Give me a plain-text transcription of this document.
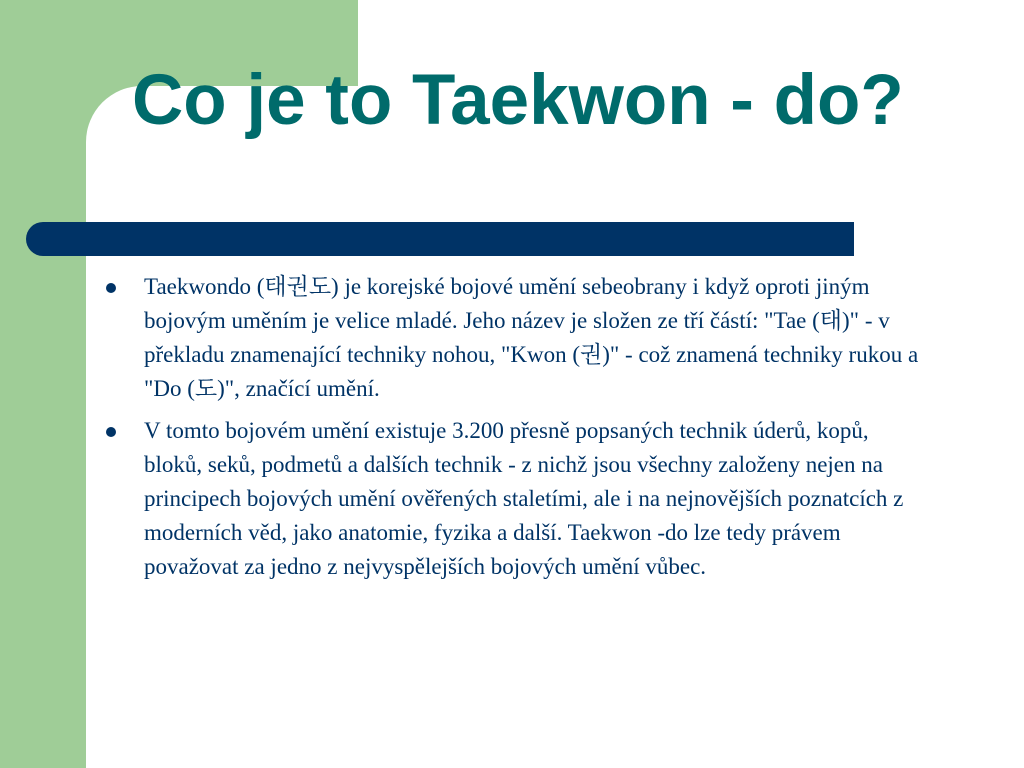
Co je to Taekwon - do?
Taekwondo (태권도) je korejské bojové umění sebeobrany i když oproti jiným bojovým uměním je velice mladé. Jeho název je složen ze tří částí: "Tae (태)" - v překladu znamenající techniky nohou, "Kwon (권)" - což znamená techniky rukou a "Do (도)", značící umění.
V tomto bojovém umění existuje 3.200 přesně popsaných technik úderů, kopů, bloků, seků, podmetů a dalších technik - z nichž jsou všechny založeny nejen na principech bojových umění ověřených staletími, ale i na nejnovějších poznatcích z moderních věd, jako anatomie, fyzika a další. Taekwon -do lze tedy právem považovat za jedno z nejvyspělejších bojových umění vůbec.
